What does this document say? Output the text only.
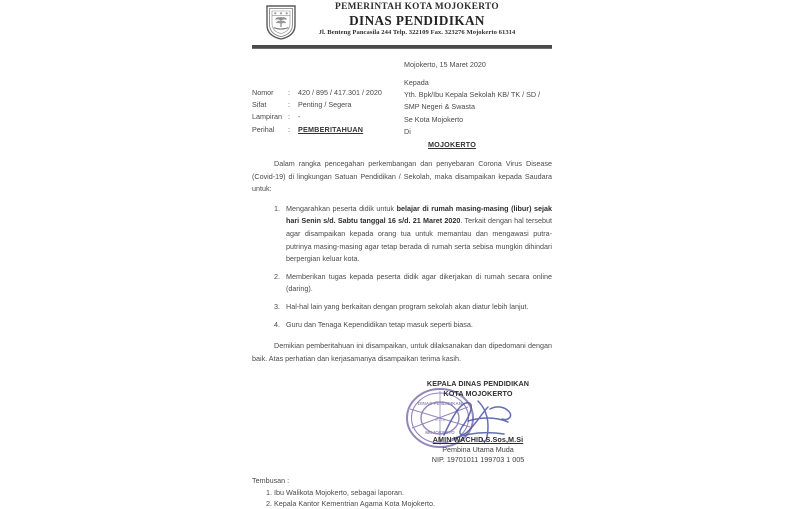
PEMERINTAH KOTA MOJOKERTO
DINAS PENDIDIKAN
Jl. Benteng Pancasila 244 Telp. 322109 Fax. 323276 Mojokerto 61314
Mojokerto, 15 Maret 2020
Nomor	:	420 / 895 / 417.301 / 2020
Sifat	:	Penting / Segera
Lampiran :	-
Perihal	:	PEMBERITAHUAN
Kepada
Yth. Bpk/Ibu Kepala Sekolah KB/ TK / SD /
SMP Negeri & Swasta
Se Kota Mojokerto
Di
MOJOKERTO
Dalam rangka pencegahan perkembangan dan penyebaran Corona Virus Disease (Covid-19) di lingkungan Satuan Pendidikan / Sekolah, maka disampaikan kepada Saudara untuk:
1. Mengarahkan peserta didik untuk belajar di rumah masing-masing (libur) sejak hari Senin s/d. Sabtu tanggal 16 s/d. 21 Maret 2020. Terkait dengan hal tersebut agar disampaikan kepada orang tua untuk memantau dan mengawasi putra-putrinya masing-masing agar tetap berada di rumah serta sebisa mungkin dihindari berpergian keluar kota.
2. Memberikan tugas kepada peserta didik agar dikerjakan di rumah secara online (daring).
3. Hal-hal lain yang berkaitan dengan program sekolah akan diatur lebih lanjut.
4. Guru dan Tenaga Kependidikan tetap masuk seperti biasa.
Demikian pemberitahuan ini disampaikan, untuk dilaksanakan dan dipedomani dengan baik. Atas perhatian dan kerjasamanya disampaikan terima kasih.
DINAS PENDIDIKAN
MOJOKERTO
KOTA
KEPALA DINAS PENDIDIKAN
KOTA MOJOKERTO
AMIN WACHID,S.Sos,M.Si
Pembina Utama Muda
NIP. 19701011 199703 1 005
Tembusan :
1. Ibu Walikota Mojokerto, sebagai laporan.
2. Kepala Kantor Kementrian Agama Kota Mojokerto.
